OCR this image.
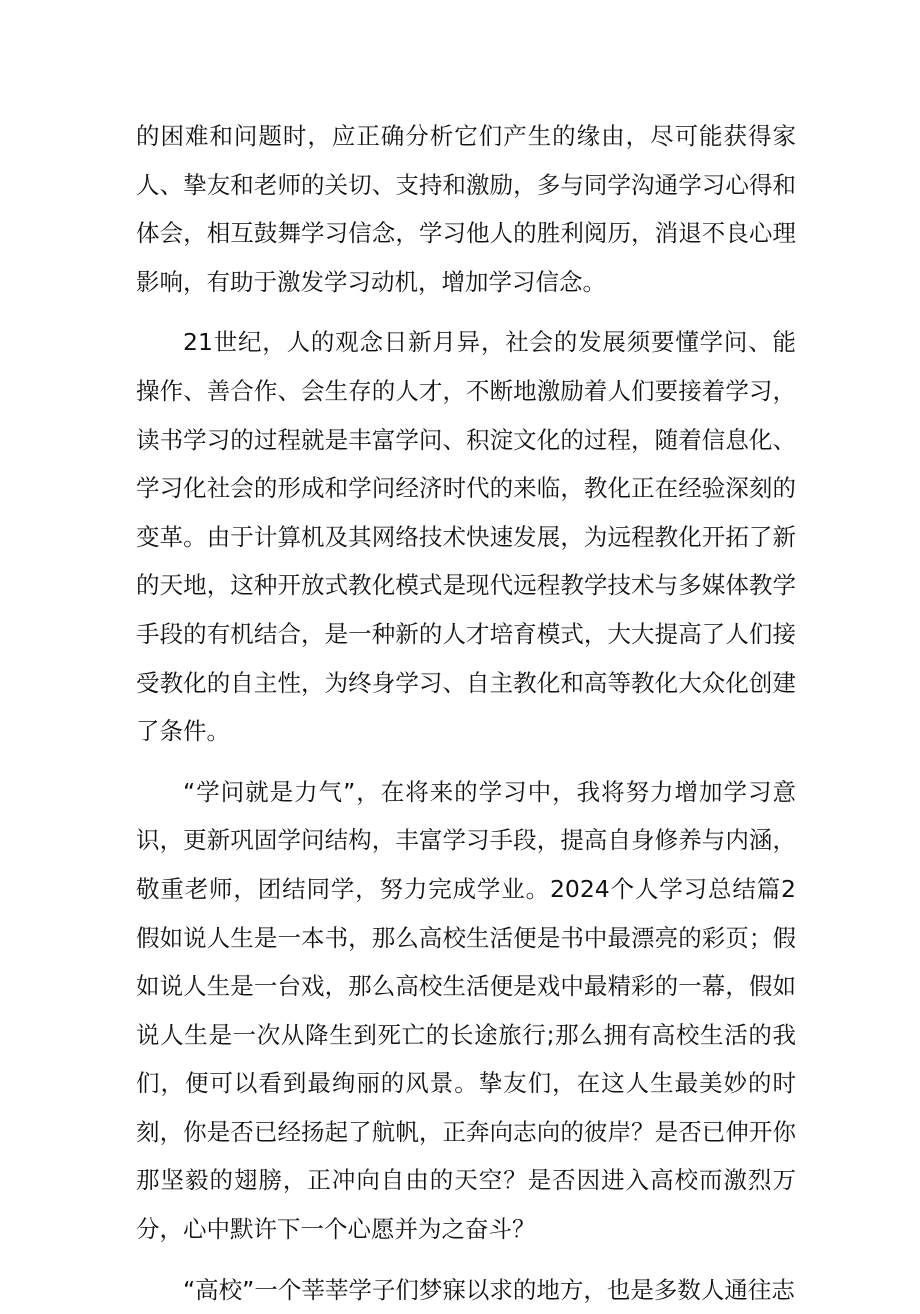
的困难和问题时，应正确分析它们产生的缘由，尽可能获得家人、挚友和老师的关切、支持和激励，多与同学沟通学习心得和体会，相互鼓舞学习信念，学习他人的胜利阅历，消退不良心理影响，有助于激发学习动机，增加学习信念。

21世纪，人的观念日新月异，社会的发展须要懂学问、能操作、善合作、会生存的人才，不断地激励着人们要接着学习，读书学习的过程就是丰富学问、积淀文化的过程，随着信息化、学习化社会的形成和学问经济时代的来临，教化正在经验深刻的变革。由于计算机及其网络技术快速发展，为远程教化开拓了新的天地，这种开放式教化模式是现代远程教学技术与多媒体教学手段的有机结合，是一种新的人才培育模式，大大提高了人们接受教化的自主性，为终身学习、自主教化和高等教化大众化创建了条件。

“学问就是力气”，在将来的学习中，我将努力增加学习意识，更新巩固学问结构，丰富学习手段，提高自身修养与内涵，敬重老师，团结同学，努力完成学业。2024个人学习总结篇2假如说人生是一本书，那么高校生活便是书中最漂亮的彩页；假如说人生是一台戏，那么高校生活便是戏中最精彩的一幕，假如说人生是一次从降生到死亡的长途旅行;那么拥有高校生活的我们，便可以看到最绚丽的风景。挚友们，在这人生最美妙的时刻，你是否已经扬起了航帆，正奔向志向的彼岸？是否已伸开你那坚毅的翅膀，正冲向自由的天空？是否因进入高校而激烈万分，心中默许下一个心愿并为之奋斗？

“高校”一个莘莘学子们梦寐以求的地方，也是多数人通往志
